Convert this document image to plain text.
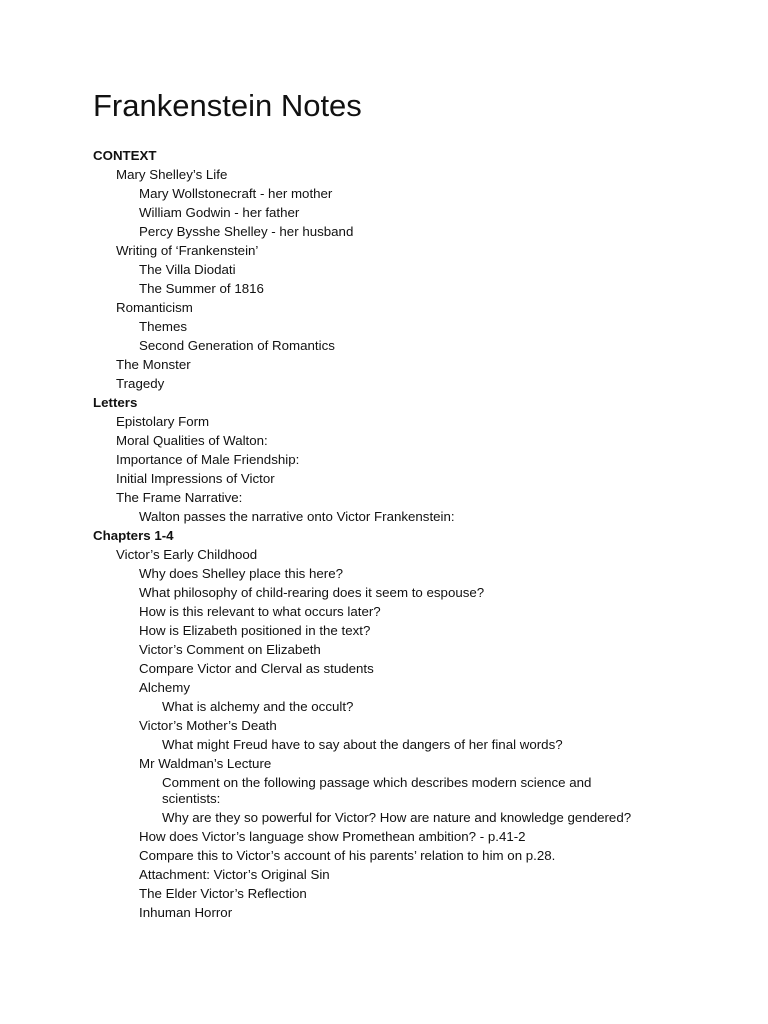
Frankenstein Notes
CONTEXT
Mary Shelley’s Life
Mary Wollstonecraft - her mother
William Godwin - her father
Percy Bysshe Shelley - her husband
Writing of ‘Frankenstein’
The Villa Diodati
The Summer of 1816
Romanticism
Themes
Second Generation of Romantics
The Monster
Tragedy
Letters
Epistolary Form
Moral Qualities of Walton:
Importance of Male Friendship:
Initial Impressions of Victor
The Frame Narrative:
Walton passes the narrative onto Victor Frankenstein:
Chapters 1-4
Victor’s Early Childhood
Why does Shelley place this here?
What philosophy of child-rearing does it seem to espouse?
How is this relevant to what occurs later?
How is Elizabeth positioned in the text?
Victor’s Comment on Elizabeth
Compare Victor and Clerval as students
Alchemy
What is alchemy and the occult?
Victor’s Mother’s Death
What might Freud have to say about the dangers of her final words?
Mr Waldman’s Lecture
Comment on the following passage which describes modern science and scientists:
Why are they so powerful for Victor? How are nature and knowledge gendered?
How does Victor’s language show Promethean ambition? - p.41-2
Compare this to Victor’s account of his parents’ relation to him on p.28.
Attachment: Victor’s Original Sin
The Elder Victor’s Reflection
Inhuman Horror
